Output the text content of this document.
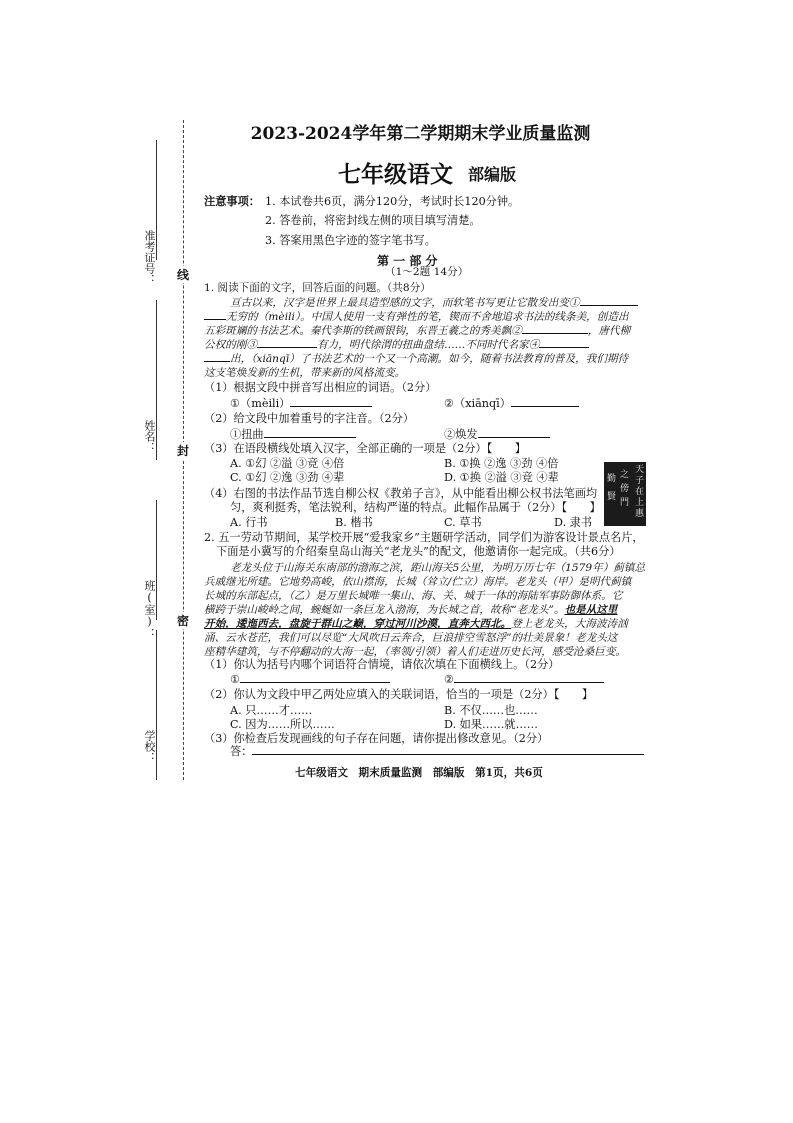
准考证号：
姓名：
班(室)：
学校：
线
封
密
2023-2024学年第二学期期末学业质量监测
七年级语文 部编版
注意事项： 1. 本试卷共6页，满分120分，考试时长120分钟。
2. 答卷前，将密封线左侧的项目填写清楚。
3. 答案用黑色字迹的签字笔书写。
第 一 部 分
（1～2题 14分）
1. 阅读下面的文字，回答后面的问题。（共8分）
亘古以来，汉字是世界上最具造型感的文字，而软笔书写更让它散发出变①
无穷的（mèili）。中国人使用一支有弹性的笔，锲而不舍地追求书法的线条美，创造出
五彩斑斓的书法艺术。秦代李斯的铁画银钩，东晋王羲之的秀美飘②	，唐代柳
公权的刚③	有力，明代徐渭的扭曲盘结……不同时代名家④
出，（xiānqī）了书法艺术的一个又一个高潮。如今，随着书法教育的普及，我们期待
这支笔焕发新的生机，带来新的风格流变。
（1）根据文段中拼音写出相应的词语。（2分）
①（mèili）	②（xiānqī）
（2）给文段中加着重号的字注音。（2分）
①扭曲	②焕发
（3）在语段横线处填入汉字，全部正确的一项是（2分）【　　】
A. ①幻 ②溢 ③竞 ④倍	B. ①换 ②逸 ③劲 ④倍
C. ①幻 ②逸 ③劲 ④辈	D. ①换 ②溢 ③竞 ④辈
（4）右图的书法作品节选自柳公权《教弟子言》，从中能看出柳公权书法笔画均
匀，爽利挺秀，笔法锐利，结构严谨的特点。此幅作品属于（2分）【　　】
A. 行书	B. 楷书	C. 草书	D. 隶书
天
子
在
上
惠
之
傍
門
勤
賢
2. 五一劳动节期间，某学校开展“爱我家乡”主题研学活动，同学们为游客设计景点名片，
下面是小冀写的介绍秦皇岛山海关“老龙头”的配文，他邀请你一起完成。（共6分）
老龙头位于山海关东南部的渤海之滨，距山海关5公里，为明万历七年（1579年）蓟镇总
兵戚继光所建。它地势高峻，依山襟海，长城（耸立/伫立）海岸。老龙头（甲）是明代蓟镇
长城的东部起点，（乙）是万里长城唯一集山、海、关、城于一体的海陆军事防御体系。它
横跨于崇山峻岭之间，蜿蜒如一条巨龙入渤海，为长城之首，故称“老龙头”。也是从这里
开始，逶迤西去，盘旋于群山之巅，穿过河川沙漠，直奔大西北。登上老龙头，大海波涛汹
涌、云水苍茫，我们可以尽览“大风吹日云奔合，巨浪排空雪怒浮”的壮美景象！老龙头这
座精华建筑，与不停翻动的大海一起，（率领/引领）着人们走进历史长河，感受沧桑巨变。
（1）你认为括号内哪个词语符合情境，请依次填在下面横线上。（2分）
①	②
（2）你认为文段中甲乙两处应填入的关联词语，恰当的一项是（2分）【　　】
A. 只……才……	B. 不仅……也……
C. 因为……所以……	D. 如果……就……
（3）你检查后发现画线的句子存在问题，请你提出修改意见。（2分）
答：
七年级语文　期末质量监测　部编版　第1页，共6页
